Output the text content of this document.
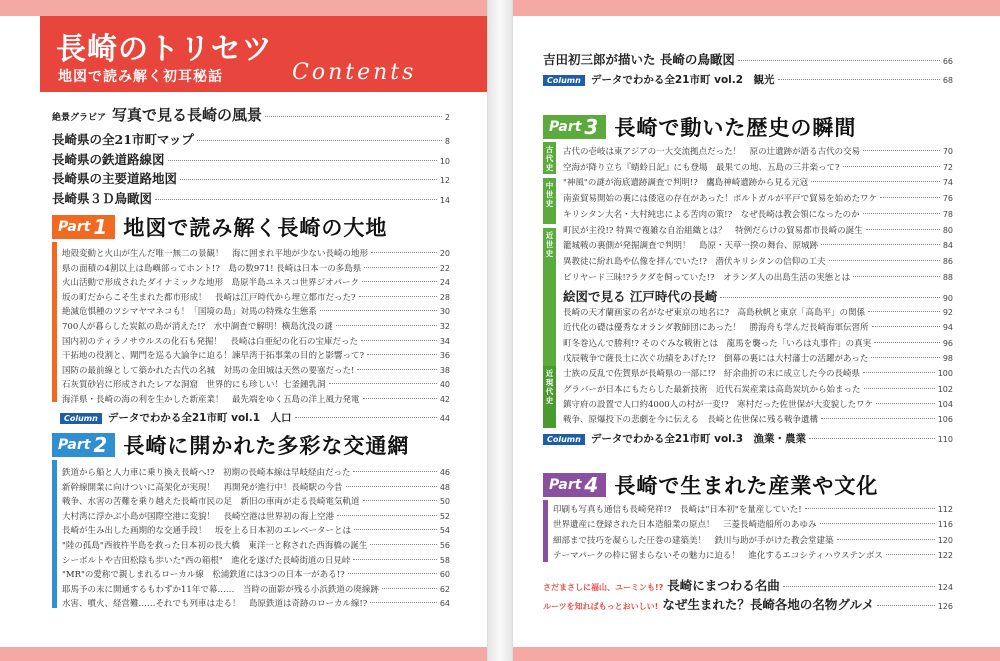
長崎のトリセツ
地図で読み解く初耳秘話	Contents
絶景グラビア 写真で見る長崎の風景	2
長崎県の全21市町マップ	8
長崎県の鉄道路線図	10
長崎県の主要道路地図	12
長崎県３Ｄ鳥瞰図	14
Part 1 地図で読み解く長崎の大地
地殻変動と火山が生んだ唯一無二の景観！　海に囲まれ平地が少ない長崎の地形	20
県の面積の4割以上は島嶼部ってホント!?　島の数971! 長崎は日本一の多島県	22
火山活動で形成されたダイナミックな地形　島原半島ユネスコ世界ジオパーク	24
坂の町だからこそ生まれた都市形成！　長崎は江戸時代から埋立都市だった?	28
絶滅危惧種のツシマヤマネコも！「国境の島」対馬の特殊な生態系	30
700人が暮らした炭鉱の島が消えた!?　水中調査で解明！横島沈没の謎	32
国内初のティラノサウルスの化石も発掘！　長崎は白亜紀の化石の宝庫だった	34
干拓地の役割と、閘門を巡る大論争に迫る！諫早湾干拓事業の目的と影響って?	36
国防の最前線として築かれた古代の名城　対馬の金田城は天然の要塞だった!	38
石灰質砂岩に形成されたレアな洞窟　世界的にも珍しい！七釜鍾乳洞	40
海洋県・長崎の海の利を生かした新産業！　最先端をゆく五島の洋上風力発電	42
Column データでわかる全21市町 vol.1　人口	44
Part 2 長崎に開かれた多彩な交通網
鉄道から船と人力車に乗り換え長崎へ!?　初期の長崎本線は早岐経由だった	46
新幹線開業に向けついに高架化が実現！　再開発が進行中！長崎駅の今昔	48
戦争、水害の苦難を乗り越えた長崎市民の足　新旧の車両が走る長崎電気軌道	50
大村湾に浮かぶ小島が国際空港に変貌！　長崎空港は世界初の海上空港	52
長崎が生み出した画期的な交通手段！　坂を上る日本初のエレベーターとは	54
"陸の孤島"西彼杵半島を救った日本初の長大橋　東洋一と称された西海橋の誕生	56
シーボルトや吉田松陰も歩いた"西の箱根"　進化を遂げた長崎街道の日見峠	58
"MR"の愛称で親しまれるローカル線　松浦鉄道には3つの日本一がある!?	60
耶馬予の末に開通するもわずか11年で幕……　当時の面影が残る小浜鉄道の廃線跡	62
水害、噴火、経営難……それでも列車は走る！　島原鉄道は奇跡のローカル線!?	64
吉田初三郎が描いた 長崎の鳥瞰図	66
Column データでわかる全21市町 vol.2　観光	68
Part 3 長崎で動いた歴史の瞬間
古代史
中世史
近世史
近現代史
古代の壱岐は東アジアの一大交流拠点だった！　原の辻遺跡が語る古代の交易	70
空海が降り立ち『蜻蛉日記』にも登場　最果ての地、五島の三井楽って?	72
"神風"の謎が海底遺跡調査で判明!?　鷹島神崎遺跡から見る元寇	74
南蛮貿易開始の裏には倭寇の存在があった！ポルトガルが平戸で貿易を始めたワケ	76
キリシタン大名・大村純忠による苦肉の策!?　なぜ長崎は教会領になったのか	78
町民が主役!? 特異で複雑な自治組織とは？　特例だらけの貿易都市長崎の誕生	80
籠城戦の裏側が発掘調査で判明！　島原・天草一揆の舞台、原城跡	84
異教徒に紛れ島や仏像を拝んでいた!?　潜伏キリシタンの信仰の工夫	86
ビリヤード三昧!?ラクダを飼っていた!?　オランダ人の出島生活の実態とは	88
絵図で見る 江戸時代の長崎	90
長崎の天才蘭画家の名がなぜ東京の地名に?　高島秋帆と東京「高島平」の関係	92
近代化の礎は優秀なオランダ教師団にあった！　勝海舟も学んだ長崎海軍伝習所	94
町冬巻込んで勝利!? そのぐみな戦術とは　龍馬を襲った「いろは丸事件」の真実	96
戊辰戦争で薩長土に次ぐ功績をあげた!?　倒幕の裏には大村藩士の活躍があった	98
士族の反乱で佐賀県が長崎県の一部に!?　紆余曲折の末に成立した今の長崎県	100
グラバーが日本にもたらした最新技術　近代石炭産業は高島炭坑から始まった	102
鎮守府の設置で人口約4000人の村が一変!?　寒村だった佐世保が大変貌したワケ	104
戦争、原爆投下の悲劇を今に伝える　長崎と佐世保に残る戦争遺構	106
Column データでわかる全21市町 vol.3　漁業・農業	110
Part 4 長崎で生まれた産業や文化
印刷も写真も通信も長崎発祥!?　長崎は"日本初"を量産していた!	112
世界遺産に登録された日本造船業の原点！　三菱長崎造船所のあゆみ	116
細部まで技巧を凝らした圧巻の建築美！　鉄川与助が手がけた教会堂建築	120
テーマパークの枠に留まらないその魅力に迫る！　進化するエコシティハウステンボス	122
さだまさしに福山、ユーミンも!? 長崎にまつわる名曲	124
ルーツを知ればもっとおいしい! なぜ生まれた？長崎各地の名物グルメ	126
